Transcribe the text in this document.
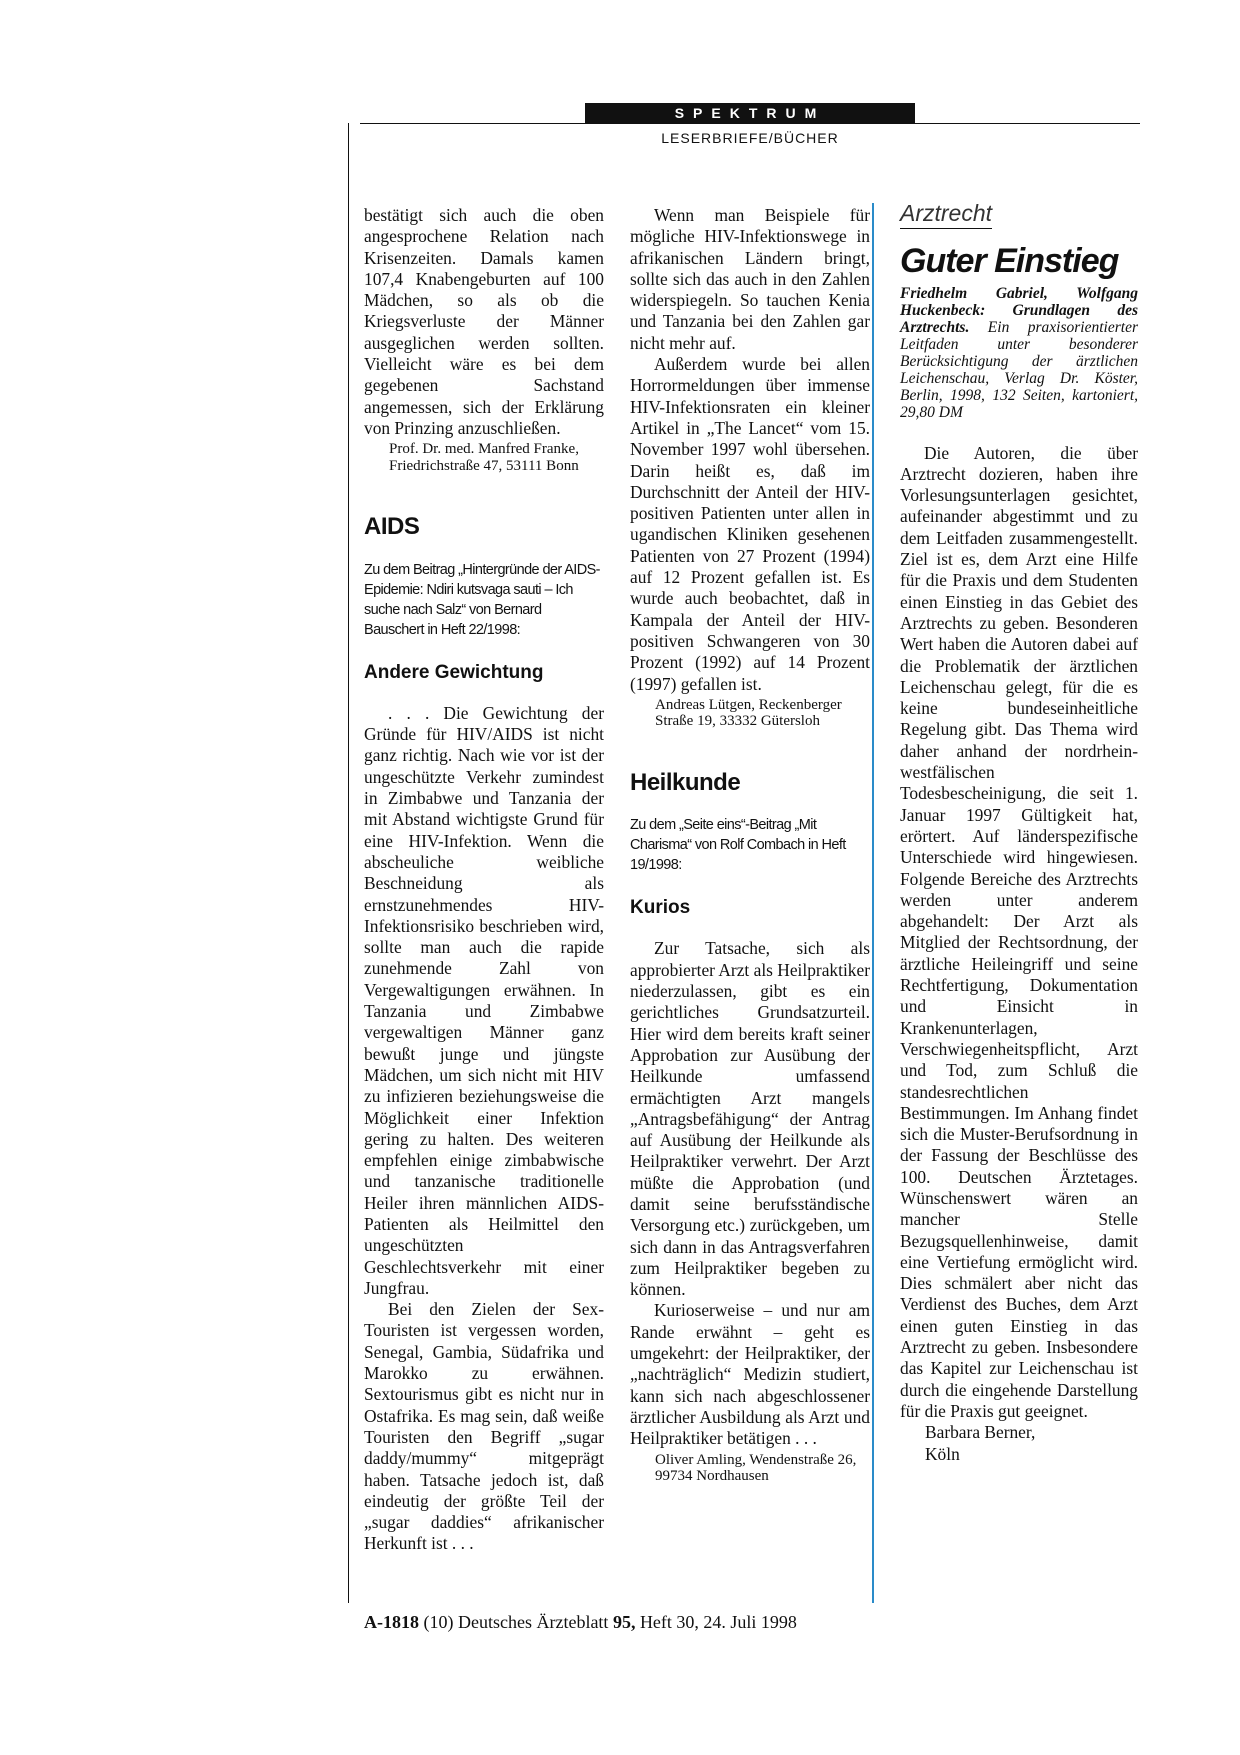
SPEKTRUM
LESERBRIEFE/BÜCHER

bestätigt sich auch die oben angesprochene Relation nach Krisenzeiten. Damals kamen 107,4 Knabengeburten auf 100 Mädchen, so als ob die Kriegsverluste der Männer ausgeglichen werden sollten. Vielleicht wäre es bei dem gegebenen Sachstand angemessen, sich der Erklärung von Prinzing anzuschließen.

Prof. Dr. med. Manfred Franke, Friedrichstraße 47, 53111 Bonn

AIDS

Zu dem Beitrag „Hintergründe der AIDS-Epidemie: Ndiri kutsvaga sauti – Ich suche nach Salz“ von Bernard Bauschert in Heft 22/1998:

Andere Gewichtung

. . . Die Gewichtung der Gründe für HIV/AIDS ist nicht ganz richtig. Nach wie vor ist der ungeschützte Verkehr zumindest in Zimbabwe und Tanzania der mit Abstand wichtigste Grund für eine HIV-Infektion. Wenn die abscheuliche weibliche Beschneidung als ernstzunehmendes HIV-Infektionsrisiko beschrieben wird, sollte man auch die rapide zunehmende Zahl von Vergewaltigungen erwähnen. In Tanzania und Zimbabwe vergewaltigen Männer ganz bewußt junge und jüngste Mädchen, um sich nicht mit HIV zu infizieren beziehungsweise die Möglichkeit einer Infektion gering zu halten. Des weiteren empfehlen einige zimbabwische und tanzanische traditionelle Heiler ihren männlichen AIDS-Patienten als Heilmittel den ungeschützten Geschlechtsverkehr mit einer Jungfrau.

Bei den Zielen der Sex-Touristen ist vergessen worden, Senegal, Gambia, Südafrika und Marokko zu erwähnen. Sextourismus gibt es nicht nur in Ostafrika. Es mag sein, daß weiße Touristen den Begriff „sugar daddy/mummy“ mitgeprägt haben. Tatsache jedoch ist, daß eindeutig der größte Teil der „sugar daddies“ afrikanischer Herkunft ist . . .

Wenn man Beispiele für mögliche HIV-Infektionswege in afrikanischen Ländern bringt, sollte sich das auch in den Zahlen widerspiegeln. So tauchen Kenia und Tanzania bei den Zahlen gar nicht mehr auf.

Außerdem wurde bei allen Horrormeldungen über immense HIV-Infektionsraten ein kleiner Artikel in „The Lancet“ vom 15. November 1997 wohl übersehen. Darin heißt es, daß im Durchschnitt der Anteil der HIV-positiven Patienten unter allen in ugandischen Kliniken gesehenen Patienten von 27 Prozent (1994) auf 12 Prozent gefallen ist. Es wurde auch beobachtet, daß in Kampala der Anteil der HIV-positiven Schwangeren von 30 Prozent (1992) auf 14 Prozent (1997) gefallen ist.

Andreas Lütgen, Reckenberger Straße 19, 33332 Gütersloh

Heilkunde

Zu dem „Seite eins“-Beitrag „Mit Charisma“ von Rolf Combach in Heft 19/1998:

Kurios

Zur Tatsache, sich als approbierter Arzt als Heilpraktiker niederzulassen, gibt es ein gerichtliches Grundsatzurteil. Hier wird dem bereits kraft seiner Approbation zur Ausübung der Heilkunde umfassend ermächtigten Arzt mangels „Antragsbefähigung“ der Antrag auf Ausübung der Heilkunde als Heilpraktiker verwehrt. Der Arzt müßte die Approbation (und damit seine berufsständische Versorgung etc.) zurückgeben, um sich dann in das Antragsverfahren zum Heilpraktiker begeben zu können.

Kurioserweise – und nur am Rande erwähnt – geht es umgekehrt: der Heilpraktiker, der „nachträglich“ Medizin studiert, kann sich nach abgeschlossener ärztlicher Ausbildung als Arzt und Heilpraktiker betätigen . . .

Oliver Amling, Wendenstraße 26, 99734 Nordhausen

Arztrecht

Guter Einstieg

Friedhelm Gabriel, Wolfgang Huckenbeck: Grundlagen des Arztrechts. Ein praxisorientierter Leitfaden unter besonderer Berücksichtigung der ärztlichen Leichenschau, Verlag Dr. Köster, Berlin, 1998, 132 Seiten, kartoniert, 29,80 DM

Die Autoren, die über Arztrecht dozieren, haben ihre Vorlesungsunterlagen gesichtet, aufeinander abgestimmt und zu dem Leitfaden zusammengestellt. Ziel ist es, dem Arzt eine Hilfe für die Praxis und dem Studenten einen Einstieg in das Gebiet des Arztrechts zu geben. Besonderen Wert haben die Autoren dabei auf die Problematik der ärztlichen Leichenschau gelegt, für die es keine bundeseinheitliche Regelung gibt. Das Thema wird daher anhand der nordrhein-westfälischen Todesbescheinigung, die seit 1. Januar 1997 Gültigkeit hat, erörtert. Auf länderspezifische Unterschiede wird hingewiesen. Folgende Bereiche des Arztrechts werden unter anderem abgehandelt: Der Arzt als Mitglied der Rechtsordnung, der ärztliche Heileingriff und seine Rechtfertigung, Dokumentation und Einsicht in Krankenunterlagen, Verschwiegenheitspflicht, Arzt und Tod, zum Schluß die standesrechtlichen Bestimmungen. Im Anhang findet sich die Muster-Berufsordnung in der Fassung der Beschlüsse des 100. Deutschen Ärztetages. Wünschenswert wären an mancher Stelle Bezugsquellenhinweise, damit eine Vertiefung ermöglicht wird. Dies schmälert aber nicht das Verdienst des Buches, dem Arzt einen guten Einstieg in das Arztrecht zu geben. Insbesondere das Kapitel zur Leichenschau ist durch die eingehende Darstellung für die Praxis gut geeignet.

Barbara Berner,

Köln

A-1818 (10) Deutsches Ärzteblatt 95, Heft 30, 24. Juli 1998
